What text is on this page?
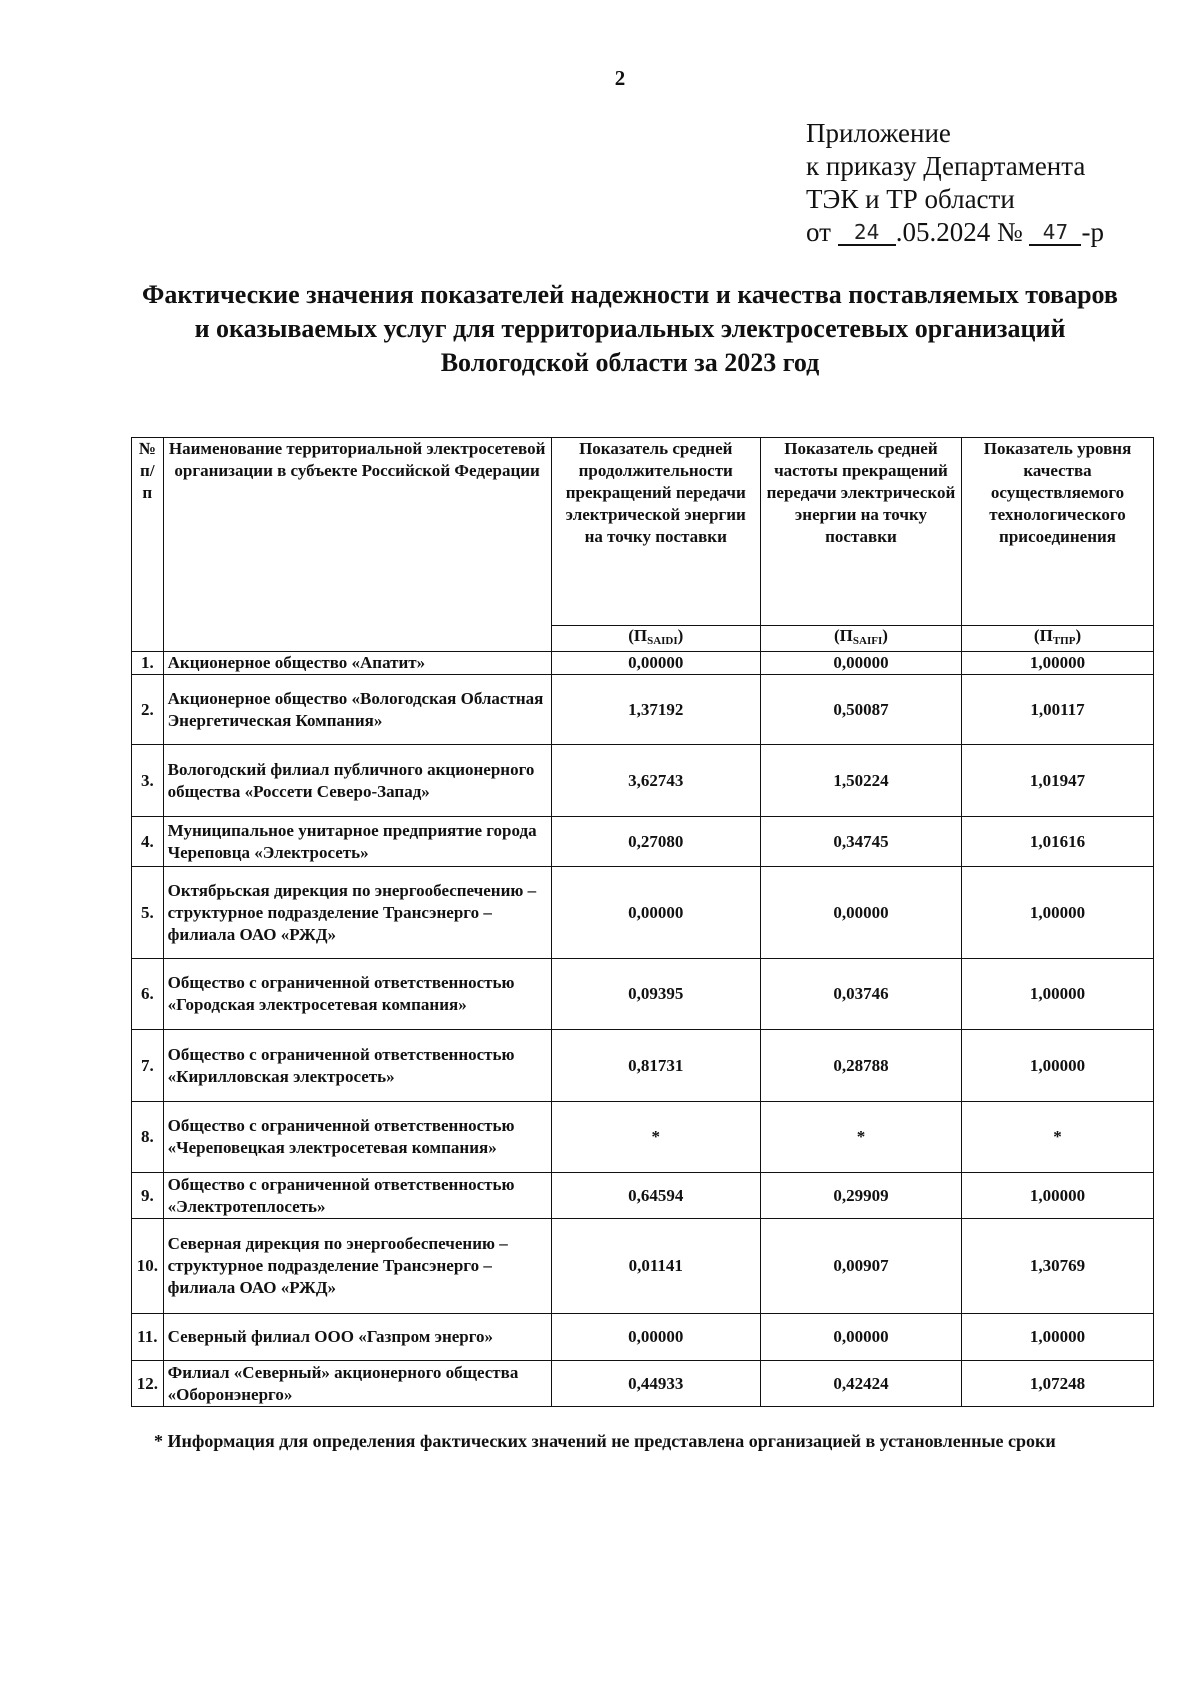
2
Приложение
к приказу Департамента
ТЭК и ТР области
от 24 .05.2024 № 47 -р
Фактические значения показателей надежности и качества поставляемых товаров
и оказываемых услуг для территориальных электросетевых организаций
Вологодской области за 2023 год
№ п/п	Наименование территориальной электросетевой организации в субъекте Российской Федерации	Показатель средней продолжительности прекращений передачи электрической энергии на точку поставки	Показатель средней частоты прекращений передачи электрической энергии на точку поставки	Показатель уровня качества осуществляемого технологического присоединения
		$(П_{SAIDI})$	$(П_{SAIFI})$	$(П_{ТПР})$
1.	Акционерное общество «Апатит»	0,00000	0,00000	1,00000
2.	Акционерное общество «Вологодская Областная Энергетическая Компания»	1,37192	0,50087	1,00117
3.	Вологодский филиал публичного акционерного общества «Россети Северо-Запад»	3,62743	1,50224	1,01947
4.	Муниципальное унитарное предприятие города Череповца «Электросеть»	0,27080	0,34745	1,01616
5.	Октябрьская дирекция по энергообеспечению – структурное подразделение Трансэнерго – филиала ОАО «РЖД»	0,00000	0,00000	1,00000
6.	Общество с ограниченной ответственностью «Городская электросетевая компания»	0,09395	0,03746	1,00000
7.	Общество с ограниченной ответственностью «Кирилловская электросеть»	0,81731	0,28788	1,00000
8.	Общество с ограниченной ответственностью «Череповецкая электросетевая компания»	*	*	*
9.	Общество с ограниченной ответственностью «Электротеплосеть»	0,64594	0,29909	1,00000
10.	Северная дирекция по энергообеспечению – структурное подразделение Трансэнерго – филиала ОАО «РЖД»	0,01141	0,00907	1,30769
11.	Северный филиал ООО «Газпром энерго»	0,00000	0,00000	1,00000
12.	Филиал «Северный» акционерного общества «Оборонэнерго»	0,44933	0,42424	1,07248
* Информация для определения фактических значений не представлена организацией в установленные сроки
